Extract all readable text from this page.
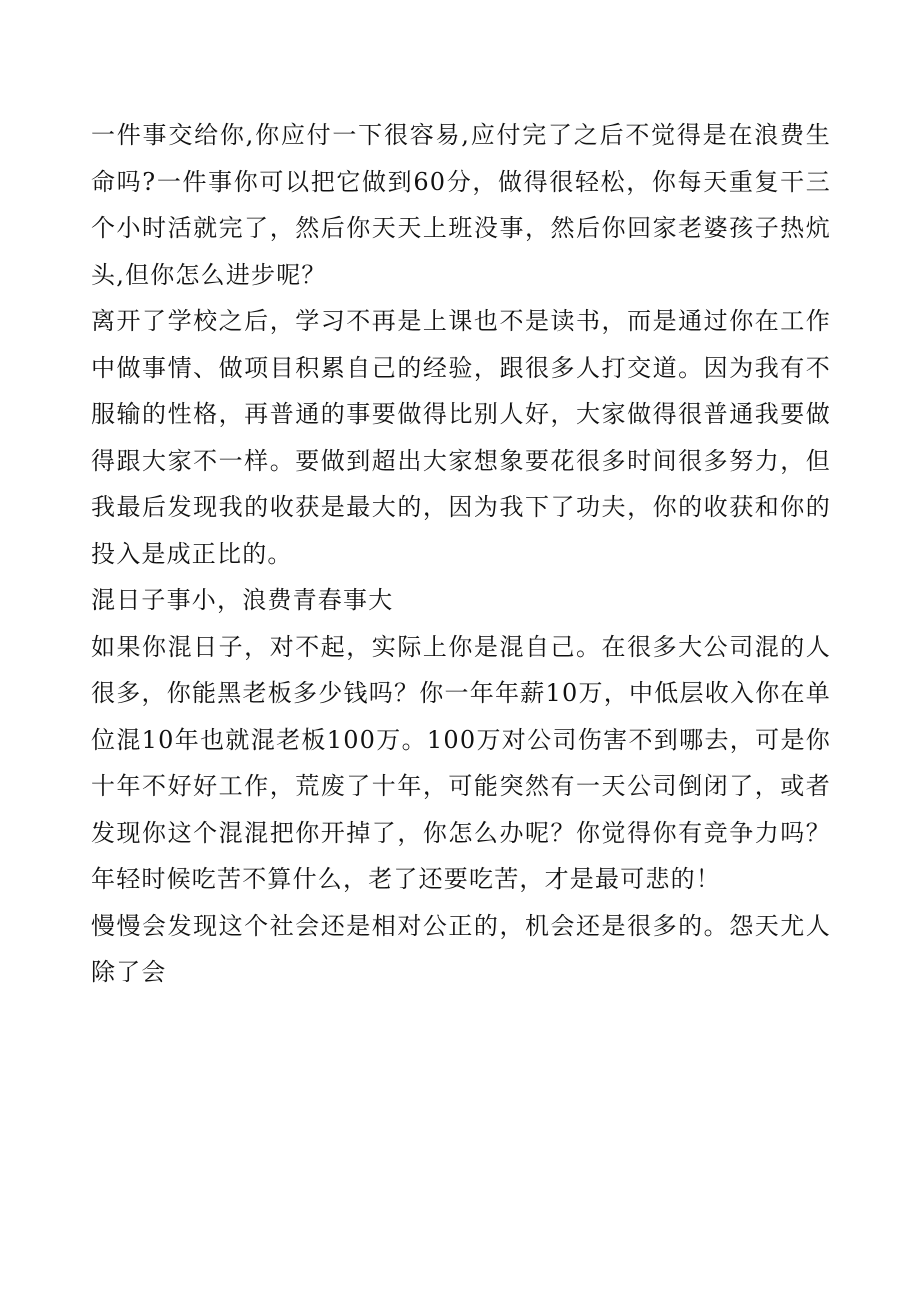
一件事交给你,你应付一下很容易,应付完了之后不觉得是在浪费生命吗?一件事你可以把它做到60分，做得很轻松，你每天重复干三个小时活就完了，然后你天天上班没事，然后你回家老婆孩子热炕头,但你怎么进步呢？

离开了学校之后，学习不再是上课也不是读书，而是通过你在工作中做事情、做项目积累自己的经验，跟很多人打交道。因为我有不服输的性格，再普通的事要做得比别人好，大家做得很普通我要做得跟大家不一样。要做到超出大家想象要花很多时间很多努力，但我最后发现我的收获是最大的，因为我下了功夫，你的收获和你的投入是成正比的。

混日子事小，浪费青春事大

如果你混日子，对不起，实际上你是混自己。在很多大公司混的人很多，你能黑老板多少钱吗？你一年年薪10万，中低层收入你在单位混10年也就混老板100万。100万对公司伤害不到哪去，可是你十年不好好工作，荒废了十年，可能突然有一天公司倒闭了，或者发现你这个混混把你开掉了，你怎么办呢？你觉得你有竞争力吗？年轻时候吃苦不算什么，老了还要吃苦，才是最可悲的！

慢慢会发现这个社会还是相对公正的，机会还是很多的。怨天尤人除了会
